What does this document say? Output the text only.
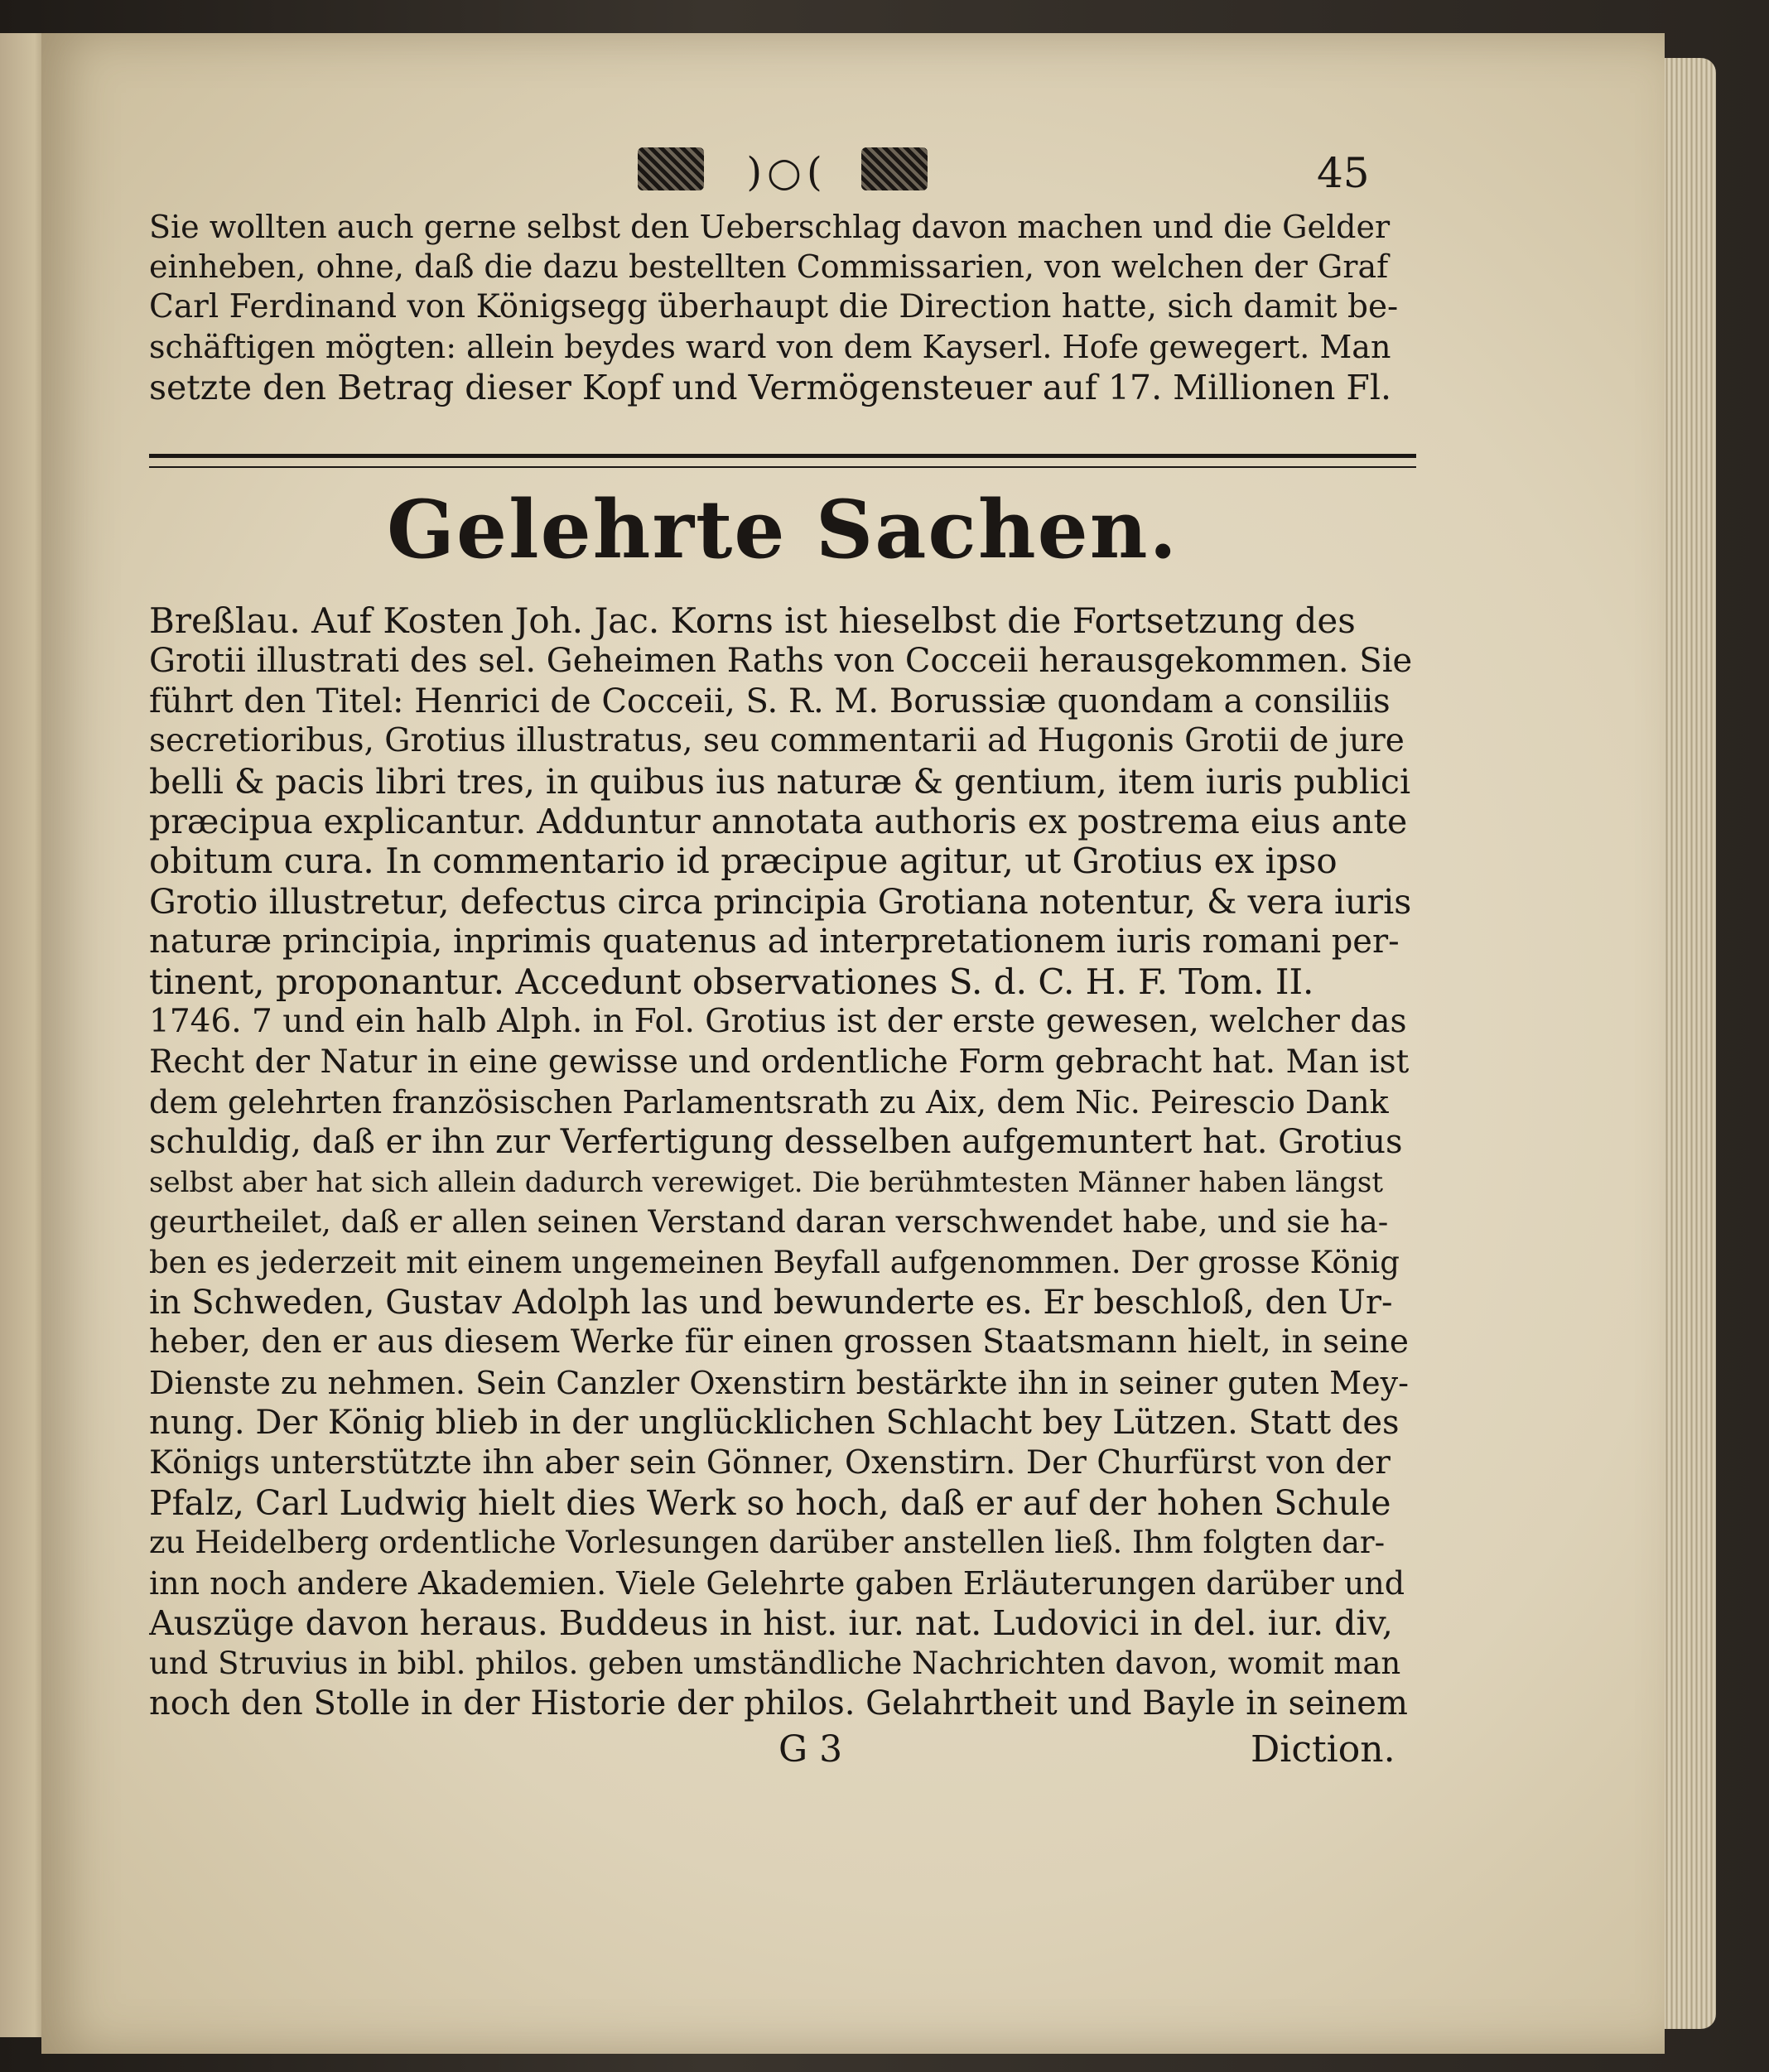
)○(	45
Sie wollten auch gerne selbst den Ueberschlag davon machen und die Gelder
einheben, ohne, daß die dazu bestellten Commissarien, von welchen der Graf
Carl Ferdinand von Königsegg überhaupt die Direction hatte, sich damit be-
schäftigen mögten: allein beydes ward von dem Kayserl. Hofe gewegert. Man
setzte den Betrag dieser Kopf und Vermögensteuer auf 17. Millionen Fl.
Gelehrte Sachen.
Breßlau. Auf Kosten Joh. Jac. Korns ist hieselbst die Fortsetzung des
Grotii illustrati des sel. Geheimen Raths von Cocceii herausgekommen. Sie
führt den Titel: Henrici de Cocceii, S. R. M. Borussiæ quondam a consiliis
secretioribus, Grotius illustratus, seu commentarii ad Hugonis Grotii de jure
belli & pacis libri tres, in quibus ius naturæ & gentium, item iuris publici
præcipua explicantur. Adduntur annotata authoris ex postrema eius ante
obitum cura. In commentario id præcipue agitur, ut Grotius ex ipso
Grotio illustretur, defectus circa principia Grotiana notentur, & vera iuris
naturæ principia, inprimis quatenus ad interpretationem iuris romani per-
tinent, proponantur. Accedunt observationes S. d. C. H. F. Tom. II.
1746. 7 und ein halb Alph. in Fol. Grotius ist der erste gewesen, welcher das
Recht der Natur in eine gewisse und ordentliche Form gebracht hat. Man ist
dem gelehrten französischen Parlamentsrath zu Aix, dem Nic. Peirescio Dank
schuldig, daß er ihn zur Verfertigung desselben aufgemuntert hat. Grotius
selbst aber hat sich allein dadurch verewiget. Die berühmtesten Männer haben längst
geurtheilet, daß er allen seinen Verstand daran verschwendet habe, und sie ha-
ben es jederzeit mit einem ungemeinen Beyfall aufgenommen. Der grosse König
in Schweden, Gustav Adolph las und bewunderte es. Er beschloß, den Ur-
heber, den er aus diesem Werke für einen grossen Staatsmann hielt, in seine
Dienste zu nehmen. Sein Canzler Oxenstirn bestärkte ihn in seiner guten Mey-
nung. Der König blieb in der unglücklichen Schlacht bey Lützen. Statt des
Königs unterstützte ihn aber sein Gönner, Oxenstirn. Der Churfürst von der
Pfalz, Carl Ludwig hielt dies Werk so hoch, daß er auf der hohen Schule
zu Heidelberg ordentliche Vorlesungen darüber anstellen ließ. Ihm folgten dar-
inn noch andere Akademien. Viele Gelehrte gaben Erläuterungen darüber und
Auszüge davon heraus. Buddeus in hist. iur. nat. Ludovici in del. iur. div,
und Struvius in bibl. philos. geben umständliche Nachrichten davon, womit man
noch den Stolle in der Historie der philos. Gelahrtheit und Bayle in seinem
G 3	Diction.
